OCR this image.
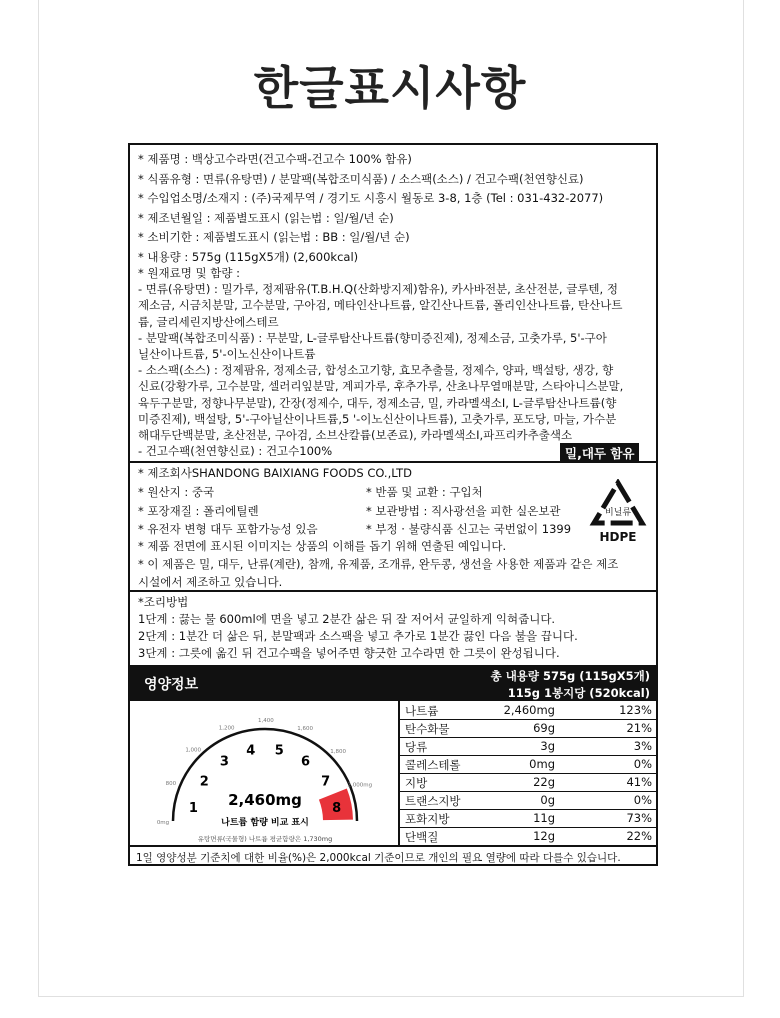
한글표시사항
* 제품명 : 백상고수라면(건고수팩-건고수 100% 함유)
* 식품유형 : 면류(유탕면) / 분말팩(복합조미식품) / 소스팩(소스) / 건고수팩(천연향신료)
* 수입업소명/소재지 : (주)국제무역 / 경기도 시흥시 월동로 3-8, 1층 (Tel : 031-432-2077)
* 제조년월일 : 제품별도표시 (읽는법 : 일/월/년 순)
* 소비기한 : 제품별도표시 (읽는법 : BB : 일/월/년 순)
* 내용량 : 575g (115gX5개) (2,600kcal)
* 원재료명 및 함량 :
- 면류(유탕면) : 밀가루, 정제팜유(T.B.H.Q(산화방지제)함유), 카사바전분, 초산전분, 글루텐, 정
제소금, 시금치분말, 고수분말, 구아검, 메타인산나트륨, 알긴산나트륨, 폴리인산나트륨, 탄산나트
륨, 글리세린지방산에스테르
- 분말팩(복합조미식품) : 무분말, L-글루탐산나트륨(향미증진제), 정제소금, 고춧가루, 5'-구아
닐산이나트륨, 5'-이노신산이나트륨
- 소스팩(소스) : 정제팜유, 정제소금, 합성소고기향, 효모추출물, 정제수, 양파, 백설탕, 생강, 향
신료(강황가루, 고수분말, 셀러리잎분말, 계피가루, 후추가루, 산초나무열매분말, 스타아니스분말,
육두구분말, 정향나무분말), 간장(정제수, 대두, 정제소금, 밀, 카라멜색소I, L-글루탐산나트륨(향
미증진제), 백설탕, 5'-구아닐산이나트륨,5 '-이노신산이나트륨), 고춧가루, 포도당, 마늘, 가수분
해대두단백분말, 초산전분, 구아검, 소브산칼륨(보존료), 카라멜색소I,파프리카추출색소
- 건고수팩(천연향신료) : 건고수100%	밀,대두 함유
* 제조회사SHANDONG BAIXIANG FOODS CO.,LTD
* 원산지 : 중국
* 포장재질 : 폴리에틸렌
* 유전자 변형 대두 포함가능성 있음
* 반품 및 교환 : 구입처
* 보관방법 : 직사광선을 피한 실온보관
* 부정 · 불량식품 신고는 국번없이 1399
* 제품 전면에 표시된 이미지는 상품의 이해를 돕기 위해 연출된 예입니다.
* 이 제품은 밀, 대두, 난류(계란), 참깨, 유제품, 조개류, 완두콩, 생선을 사용한 제품과 같은 제조
시설에서 제조하고 있습니다.
비닐류
HDPE
*조리방법
1단계 : 끓는 물 600ml에 면을 넣고 2분간 삶은 뒤 잘 저어서 균일하게 익혀줍니다.
2단계 : 1분간 더 삶은 뒤, 분말팩과 소스팩을 넣고 추가로 1분간 끓인 다음 불을 끕니다.
3단계 : 그릇에 옮긴 뒤 건고수팩을 넣어주면 향긋한 고수라면 한 그릇이 완성됩니다.
영양정보
총 내용량 575g (115gX5개)
115g 1봉지당 (520kcal)
1
2
3
4 5
6
7
8
0mg
800
1,000
1,200
1,400
1,600
1,800
2,000mg
2,460mg
나트륨 함량 비교 표시
유탕면류(국물형) 나트륨 평균함량은 1,730mg
나트륨	2,460mg	123%
탄수화물	69g	21%
당류	3g	3%
콜레스테롤	0mg	0%
지방	22g	41%
트랜스지방	0g	0%
포화지방	11g	73%
단백질	12g	22%
1일 영양성분 기준치에 대한 비율(%)은 2,000kcal 기준이므로 개인의 필요 열량에 따라 다를수 있습니다.
